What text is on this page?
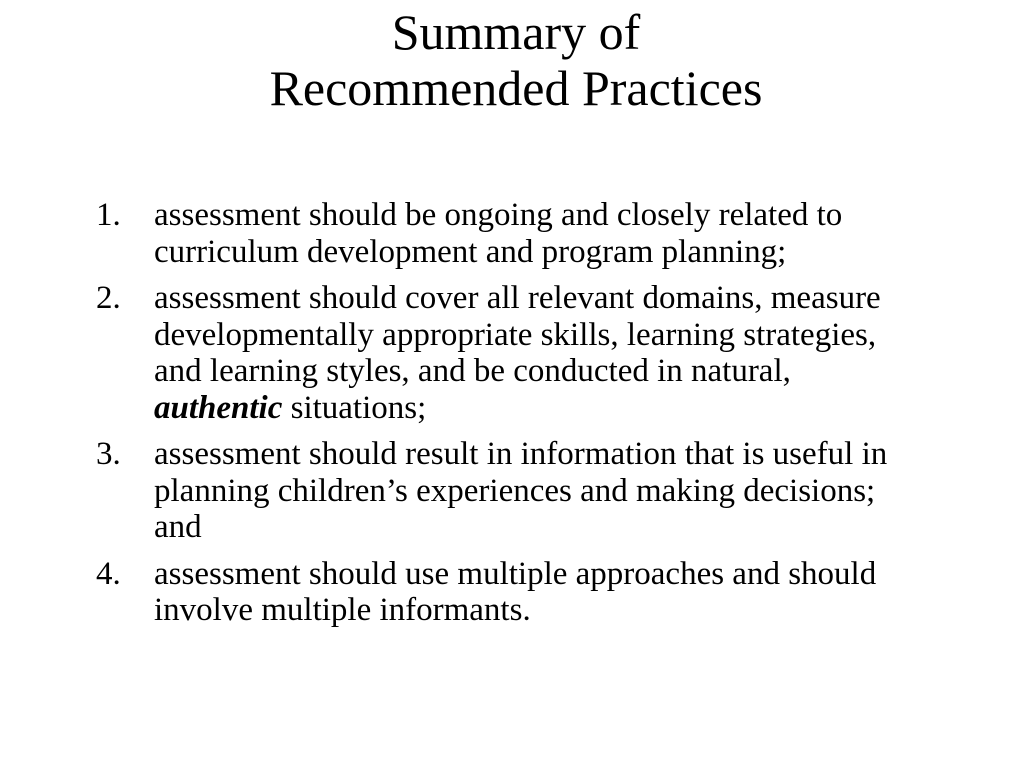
Summary of
Recommended Practices
1. assessment should be ongoing and closely related to curriculum development and program planning;
2. assessment should cover all relevant domains, measure developmentally appropriate skills, learning strategies, and learning styles, and be conducted in natural, authentic situations;
3. assessment should result in information that is useful in planning children’s experiences and making decisions; and
4. assessment should use multiple approaches and should involve multiple informants.
